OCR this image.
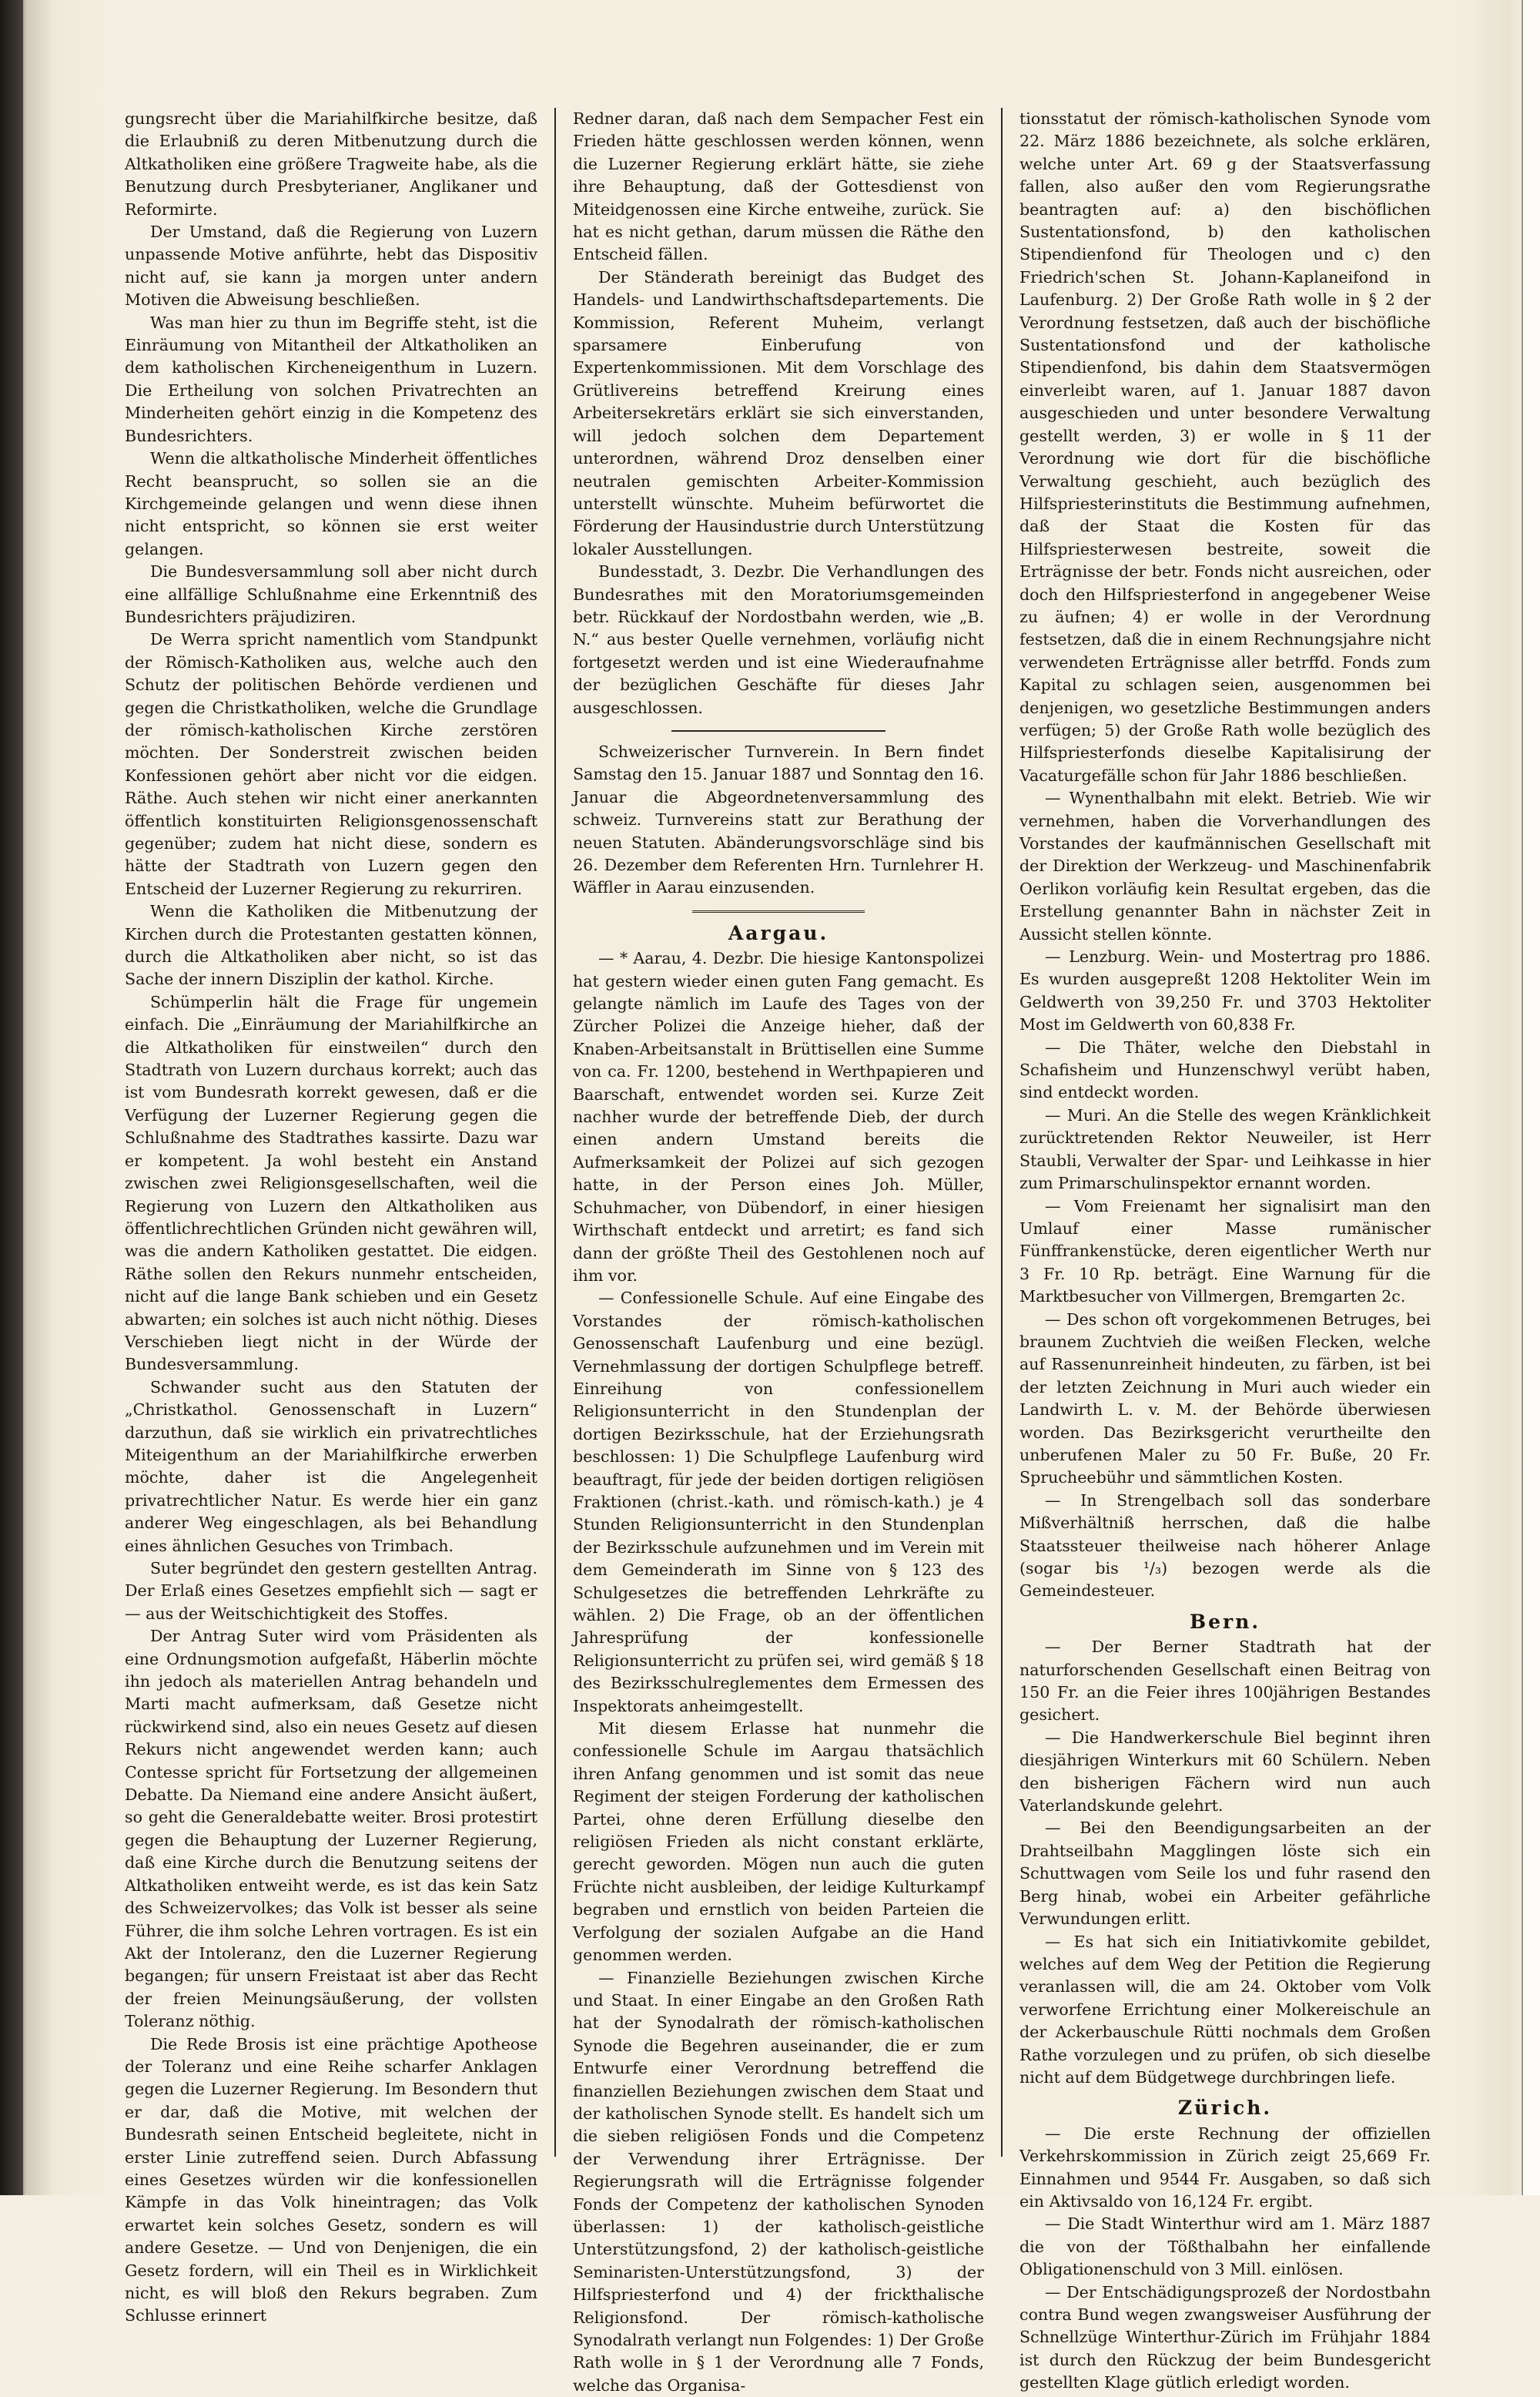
gungsrecht über die Mariahilfkirche besitze, daß die Erlaubniß zu deren Mitbenutzung durch die Altkatholiken eine größere Tragweite habe, als die Benutzung durch Presbyterianer, Anglikaner und Reformirte.

Der Umstand, daß die Regierung von Luzern unpassende Motive anführte, hebt das Dispositiv nicht auf, sie kann ja morgen unter andern Motiven die Abweisung beschließen.

Was man hier zu thun im Begriffe steht, ist die Einräumung von Mitantheil der Altkatholiken an dem katholischen Kircheneigenthum in Luzern. Die Ertheilung von solchen Privatrechten an Minderheiten gehört einzig in die Kompetenz des Bundesrichters.

Wenn die altkatholische Minderheit öffentliches Recht beansprucht, so sollen sie an die Kirchgemeinde gelangen und wenn diese ihnen nicht entspricht, so können sie erst weiter gelangen.

Die Bundesversammlung soll aber nicht durch eine allfällige Schlußnahme eine Erkenntniß des Bundesrichters präjudiziren.

De Werra spricht namentlich vom Standpunkt der Römisch-Katholiken aus, welche auch den Schutz der politischen Behörde verdienen und gegen die Christkatholiken, welche die Grundlage der römisch-katholischen Kirche zerstören möchten. Der Sonderstreit zwischen beiden Konfessionen gehört aber nicht vor die eidgen. Räthe. Auch stehen wir nicht einer anerkannten öffentlich konstituirten Religionsgenossenschaft gegenüber; zudem hat nicht diese, sondern es hätte der Stadtrath von Luzern gegen den Entscheid der Luzerner Regierung zu rekurriren.

Wenn die Katholiken die Mitbenutzung der Kirchen durch die Protestanten gestatten können, durch die Altkatholiken aber nicht, so ist das Sache der innern Disziplin der kathol. Kirche.

Schümperlin hält die Frage für ungemein einfach. Die „Einräumung der Mariahilfkirche an die Altkatholiken für einstweilen“ durch den Stadtrath von Luzern durchaus korrekt; auch das ist vom Bundesrath korrekt gewesen, daß er die Verfügung der Luzerner Regierung gegen die Schlußnahme des Stadtrathes kassirte. Dazu war er kompetent. Ja wohl besteht ein Anstand zwischen zwei Religionsgesellschaften, weil die Regierung von Luzern den Altkatholiken aus öffentlichrechtlichen Gründen nicht gewähren will, was die andern Katholiken gestattet. Die eidgen. Räthe sollen den Rekurs nunmehr entscheiden, nicht auf die lange Bank schieben und ein Gesetz abwarten; ein solches ist auch nicht nöthig. Dieses Verschieben liegt nicht in der Würde der Bundesversammlung.

Schwander sucht aus den Statuten der „Christkathol. Genossenschaft in Luzern“ darzuthun, daß sie wirklich ein privatrechtliches Miteigenthum an der Mariahilfkirche erwerben möchte, daher ist die Angelegenheit privatrechtlicher Natur. Es werde hier ein ganz anderer Weg eingeschlagen, als bei Behandlung eines ähnlichen Gesuches von Trimbach.

Suter begründet den gestern gestellten Antrag. Der Erlaß eines Gesetzes empfiehlt sich — sagt er — aus der Weitschichtigkeit des Stoffes.

Der Antrag Suter wird vom Präsidenten als eine Ordnungsmotion aufgefaßt, Häberlin möchte ihn jedoch als materiellen Antrag behandeln und Marti macht aufmerksam, daß Gesetze nicht rückwirkend sind, also ein neues Gesetz auf diesen Rekurs nicht angewendet werden kann; auch Contesse spricht für Fortsetzung der allgemeinen Debatte. Da Niemand eine andere Ansicht äußert, so geht die Generaldebatte weiter. Brosi protestirt gegen die Behauptung der Luzerner Regierung, daß eine Kirche durch die Benutzung seitens der Altkatholiken entweiht werde, es ist das kein Satz des Schweizervolkes; das Volk ist besser als seine Führer, die ihm solche Lehren vortragen. Es ist ein Akt der Intoleranz, den die Luzerner Regierung begangen; für unsern Freistaat ist aber das Recht der freien Meinungsäußerung, der vollsten Toleranz nöthig.

Die Rede Brosis ist eine prächtige Apotheose der Toleranz und eine Reihe scharfer Anklagen gegen die Luzerner Regierung. Im Besondern thut er dar, daß die Motive, mit welchen der Bundesrath seinen Entscheid begleitete, nicht in erster Linie zutreffend seien. Durch Abfassung eines Gesetzes würden wir die konfessionellen Kämpfe in das Volk hineintragen; das Volk erwartet kein solches Gesetz, sondern es will andere Gesetze. — Und von Denjenigen, die ein Gesetz fordern, will ein Theil es in Wirklichkeit nicht, es will bloß den Rekurs begraben. Zum Schlusse erinnert

Redner daran, daß nach dem Sempacher Fest ein Frieden hätte geschlossen werden können, wenn die Luzerner Regierung erklärt hätte, sie ziehe ihre Behauptung, daß der Gottesdienst von Miteidgenossen eine Kirche entweihe, zurück. Sie hat es nicht gethan, darum müssen die Räthe den Entscheid fällen.

Der Ständerath bereinigt das Budget des Handels- und Landwirthschaftsdepartements. Die Kommission, Referent Muheim, verlangt sparsamere Einberufung von Expertenkommissionen. Mit dem Vorschlage des Grütlivereins betreffend Kreirung eines Arbeitersekretärs erklärt sie sich einverstanden, will jedoch solchen dem Departement unterordnen, während Droz denselben einer neutralen gemischten Arbeiter-Kommission unterstellt wünschte. Muheim befürwortet die Förderung der Hausindustrie durch Unterstützung lokaler Ausstellungen.

Bundesstadt, 3. Dezbr. Die Verhandlungen des Bundesrathes mit den Moratoriumsgemeinden betr. Rückkauf der Nordostbahn werden, wie „B. N.“ aus bester Quelle vernehmen, vorläufig nicht fortgesetzt werden und ist eine Wiederaufnahme der bezüglichen Geschäfte für dieses Jahr ausgeschlossen.

Schweizerischer Turnverein. In Bern findet Samstag den 15. Januar 1887 und Sonntag den 16. Januar die Abgeordnetenversammlung des schweiz. Turnvereins statt zur Berathung der neuen Statuten. Abänderungsvorschläge sind bis 26. Dezember dem Referenten Hrn. Turnlehrer H. Wäffler in Aarau einzusenden.

Aargau.

— * Aarau, 4. Dezbr. Die hiesige Kantonspolizei hat gestern wieder einen guten Fang gemacht. Es gelangte nämlich im Laufe des Tages von der Zürcher Polizei die Anzeige hieher, daß der Knaben-Arbeitsanstalt in Brüttisellen eine Summe von ca. Fr. 1200, bestehend in Werthpapieren und Baarschaft, entwendet worden sei. Kurze Zeit nachher wurde der betreffende Dieb, der durch einen andern Umstand bereits die Aufmerksamkeit der Polizei auf sich gezogen hatte, in der Person eines Joh. Müller, Schuhmacher, von Dübendorf, in einer hiesigen Wirthschaft entdeckt und arretirt; es fand sich dann der größte Theil des Gestohlenen noch auf ihm vor.

— Confessionelle Schule. Auf eine Eingabe des Vorstandes der römisch-katholischen Genossenschaft Laufenburg und eine bezügl. Vernehmlassung der dortigen Schulpflege betreff. Einreihung von confessionellem Religionsunterricht in den Stundenplan der dortigen Bezirksschule, hat der Erziehungsrath beschlossen: 1) Die Schulpflege Laufenburg wird beauftragt, für jede der beiden dortigen religiösen Fraktionen (christ.-kath. und römisch-kath.) je 4 Stunden Religionsunterricht in den Stundenplan der Bezirksschule aufzunehmen und im Verein mit dem Gemeinderath im Sinne von § 123 des Schulgesetzes die betreffenden Lehrkräfte zu wählen. 2) Die Frage, ob an der öffentlichen Jahresprüfung der konfessionelle Religionsunterricht zu prüfen sei, wird gemäß § 18 des Bezirksschulreglementes dem Ermessen des Inspektorats anheimgestellt.

Mit diesem Erlasse hat nunmehr die confessionelle Schule im Aargau thatsächlich ihren Anfang genommen und ist somit das neue Regiment der steigen Forderung der katholischen Partei, ohne deren Erfüllung dieselbe den religiösen Frieden als nicht constant erklärte, gerecht geworden. Mögen nun auch die guten Früchte nicht ausbleiben, der leidige Kulturkampf begraben und ernstlich von beiden Parteien die Verfolgung der sozialen Aufgabe an die Hand genommen werden.

— Finanzielle Beziehungen zwischen Kirche und Staat. In einer Eingabe an den Großen Rath hat der Synodalrath der römisch-katholischen Synode die Begehren auseinander, die er zum Entwurfe einer Verordnung betreffend die finanziellen Beziehungen zwischen dem Staat und der katholischen Synode stellt. Es handelt sich um die sieben religiösen Fonds und die Competenz der Verwendung ihrer Erträgnisse. Der Regierungsrath will die Erträgnisse folgender Fonds der Competenz der katholischen Synoden überlassen: 1) der katholisch-geistliche Unterstützungsfond, 2) der katholisch-geistliche Seminaristen-Unterstützungsfond, 3) der Hilfspriesterfond und 4) der frickthalische Religionsfond. Der römisch-katholische Synodalrath verlangt nun Folgendes: 1) Der Große Rath wolle in § 1 der Verordnung alle 7 Fonds, welche das Organisa-

tionsstatut der römisch-katholischen Synode vom 22. März 1886 bezeichnete, als solche erklären, welche unter Art. 69 g der Staatsverfassung fallen, also außer den vom Regierungsrathe beantragten auf: a) den bischöflichen Sustentationsfond, b) den katholischen Stipendienfond für Theologen und c) den Friedrich'schen St. Johann-Kaplaneifond in Laufenburg. 2) Der Große Rath wolle in § 2 der Verordnung festsetzen, daß auch der bischöfliche Sustentationsfond und der katholische Stipendienfond, bis dahin dem Staatsvermögen einverleibt waren, auf 1. Januar 1887 davon ausgeschieden und unter besondere Verwaltung gestellt werden, 3) er wolle in § 11 der Verordnung wie dort für die bischöfliche Verwaltung geschieht, auch bezüglich des Hilfspriesterinstituts die Bestimmung aufnehmen, daß der Staat die Kosten für das Hilfspriesterwesen bestreite, soweit die Erträgnisse der betr. Fonds nicht ausreichen, oder doch den Hilfspriesterfond in angegebener Weise zu äufnen; 4) er wolle in der Verordnung festsetzen, daß die in einem Rechnungsjahre nicht verwendeten Erträgnisse aller betrffd. Fonds zum Kapital zu schlagen seien, ausgenommen bei denjenigen, wo gesetzliche Bestimmungen anders verfügen; 5) der Große Rath wolle bezüglich des Hilfspriesterfonds dieselbe Kapitalisirung der Vacaturgefälle schon für Jahr 1886 beschließen.

— Wynenthalbahn mit elekt. Betrieb. Wie wir vernehmen, haben die Vorverhandlungen des Vorstandes der kaufmännischen Gesellschaft mit der Direktion der Werkzeug- und Maschinenfabrik Oerlikon vorläufig kein Resultat ergeben, das die Erstellung genannter Bahn in nächster Zeit in Aussicht stellen könnte.

— Lenzburg. Wein- und Mostertrag pro 1886. Es wurden ausgepreßt 1208 Hektoliter Wein im Geldwerth von 39,250 Fr. und 3703 Hektoliter Most im Geldwerth von 60,838 Fr.

— Die Thäter, welche den Diebstahl in Schafisheim und Hunzenschwyl verübt haben, sind entdeckt worden.

— Muri. An die Stelle des wegen Kränklichkeit zurücktretenden Rektor Neuweiler, ist Herr Staubli, Verwalter der Spar- und Leihkasse in hier zum Primarschulinspektor ernannt worden.

— Vom Freienamt her signalisirt man den Umlauf einer Masse rumänischer Fünffrankenstücke, deren eigentlicher Werth nur 3 Fr. 10 Rp. beträgt. Eine Warnung für die Marktbesucher von Villmergen, Bremgarten 2c.

— Des schon oft vorgekommenen Betruges, bei braunem Zuchtvieh die weißen Flecken, welche auf Rassenunreinheit hindeuten, zu färben, ist bei der letzten Zeichnung in Muri auch wieder ein Landwirth L. v. M. der Behörde überwiesen worden. Das Bezirksgericht verurtheilte den unberufenen Maler zu 50 Fr. Buße, 20 Fr. Sprucheebühr und sämmtlichen Kosten.

— In Strengelbach soll das sonderbare Mißverhältniß herrschen, daß die halbe Staatssteuer theilweise nach höherer Anlage (sogar bis ¹/₃) bezogen werde als die Gemeindesteuer.

Bern.

— Der Berner Stadtrath hat der naturforschenden Gesellschaft einen Beitrag von 150 Fr. an die Feier ihres 100jährigen Bestandes gesichert.

— Die Handwerkerschule Biel beginnt ihren diesjährigen Winterkurs mit 60 Schülern. Neben den bisherigen Fächern wird nun auch Vaterlandskunde gelehrt.

— Bei den Beendigungsarbeiten an der Drahtseilbahn Magglingen löste sich ein Schuttwagen vom Seile los und fuhr rasend den Berg hinab, wobei ein Arbeiter gefährliche Verwundungen erlitt.

— Es hat sich ein Initiativkomite gebildet, welches auf dem Weg der Petition die Regierung veranlassen will, die am 24. Oktober vom Volk verworfene Errichtung einer Molkereischule an der Ackerbauschule Rütti nochmals dem Großen Rathe vorzulegen und zu prüfen, ob sich dieselbe nicht auf dem Büdgetwege durchbringen liefe.

Zürich.

— Die erste Rechnung der offiziellen Verkehrskommission in Zürich zeigt 25,669 Fr. Einnahmen und 9544 Fr. Ausgaben, so daß sich ein Aktivsaldo von 16,124 Fr. ergibt.

— Die Stadt Winterthur wird am 1. März 1887 die von der Tößthalbahn her einfallende Obligationenschuld von 3 Mill. einlösen.

— Der Entschädigungsprozeß der Nordostbahn contra Bund wegen zwangsweiser Ausführung der Schnellzüge Winterthur-Zürich im Frühjahr 1884 ist durch den Rückzug der beim Bundesgericht gestellten Klage gütlich erledigt worden.
